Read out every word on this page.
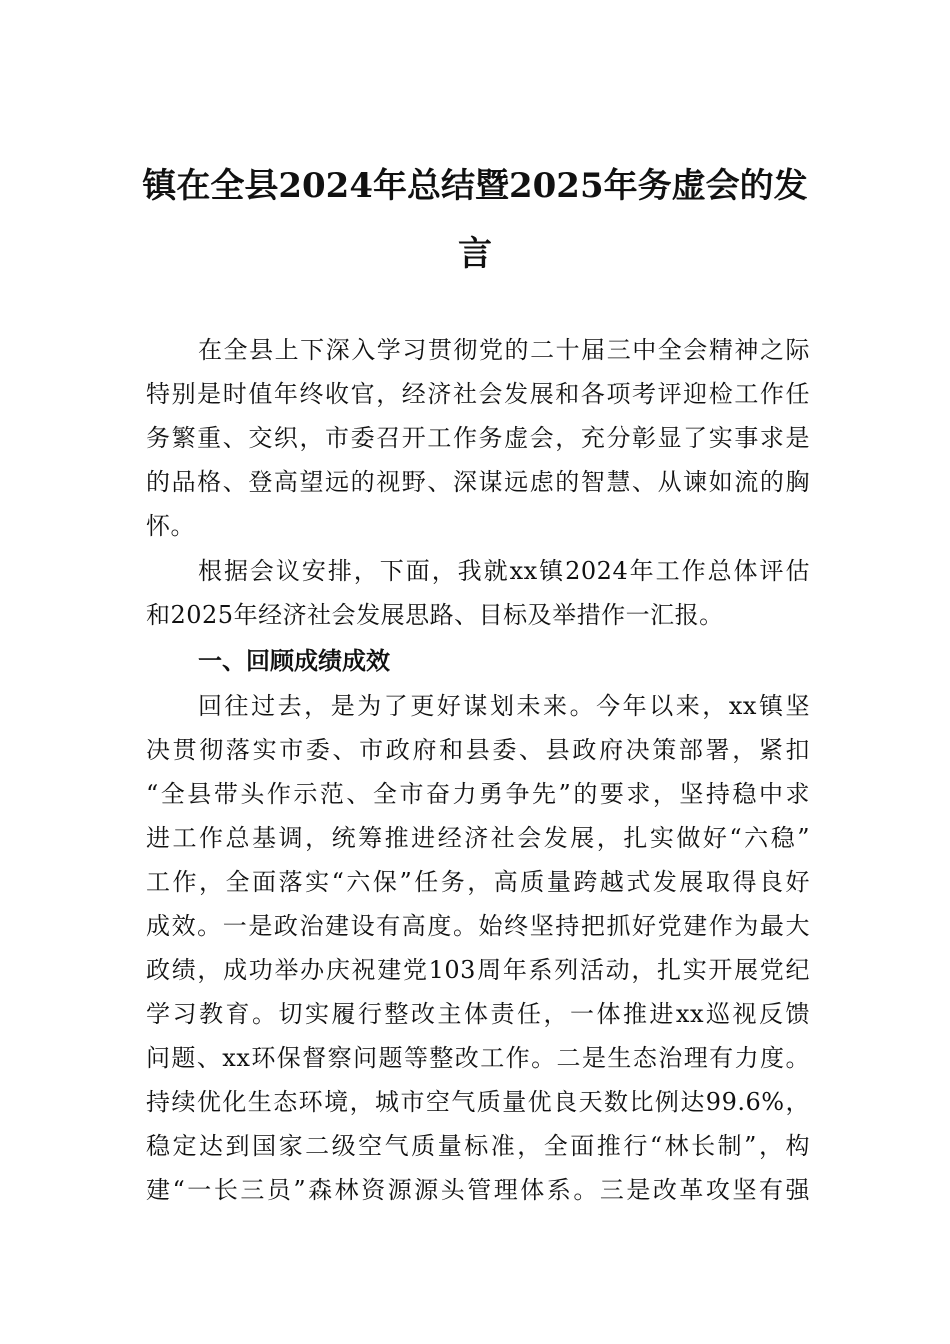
镇在全县2024年总结暨2025年务虚会的发
言
在全县上下深入学习贯彻党的二十届三中全会精神之际
特别是时值年终收官，经济社会发展和各项考评迎检工作任
务繁重、交织，市委召开工作务虚会，充分彰显了实事求是
的品格、登高望远的视野、深谋远虑的智慧、从谏如流的胸
怀。
根据会议安排，下面，我就xx镇2024年工作总体评估
和2025年经济社会发展思路、目标及举措作一汇报。
一、回顾成绩成效
回往过去，是为了更好谋划未来。今年以来，xx镇坚
决贯彻落实市委、市政府和县委、县政府决策部署，紧扣
“全县带头作示范、全市奋力勇争先”的要求，坚持稳中求
进工作总基调，统筹推进经济社会发展，扎实做好“六稳”
工作，全面落实“六保”任务，高质量跨越式发展取得良好
成效。一是政治建设有高度。始终坚持把抓好党建作为最大
政绩，成功举办庆祝建党103周年系列活动，扎实开展党纪
学习教育。切实履行整改主体责任，一体推进xx巡视反馈
问题、xx环保督察问题等整改工作。二是生态治理有力度。
持续优化生态环境，城市空气质量优良天数比例达99.6%，
稳定达到国家二级空气质量标准，全面推行“林长制”，构
建“一长三员”森林资源源头管理体系。三是改革攻坚有强
